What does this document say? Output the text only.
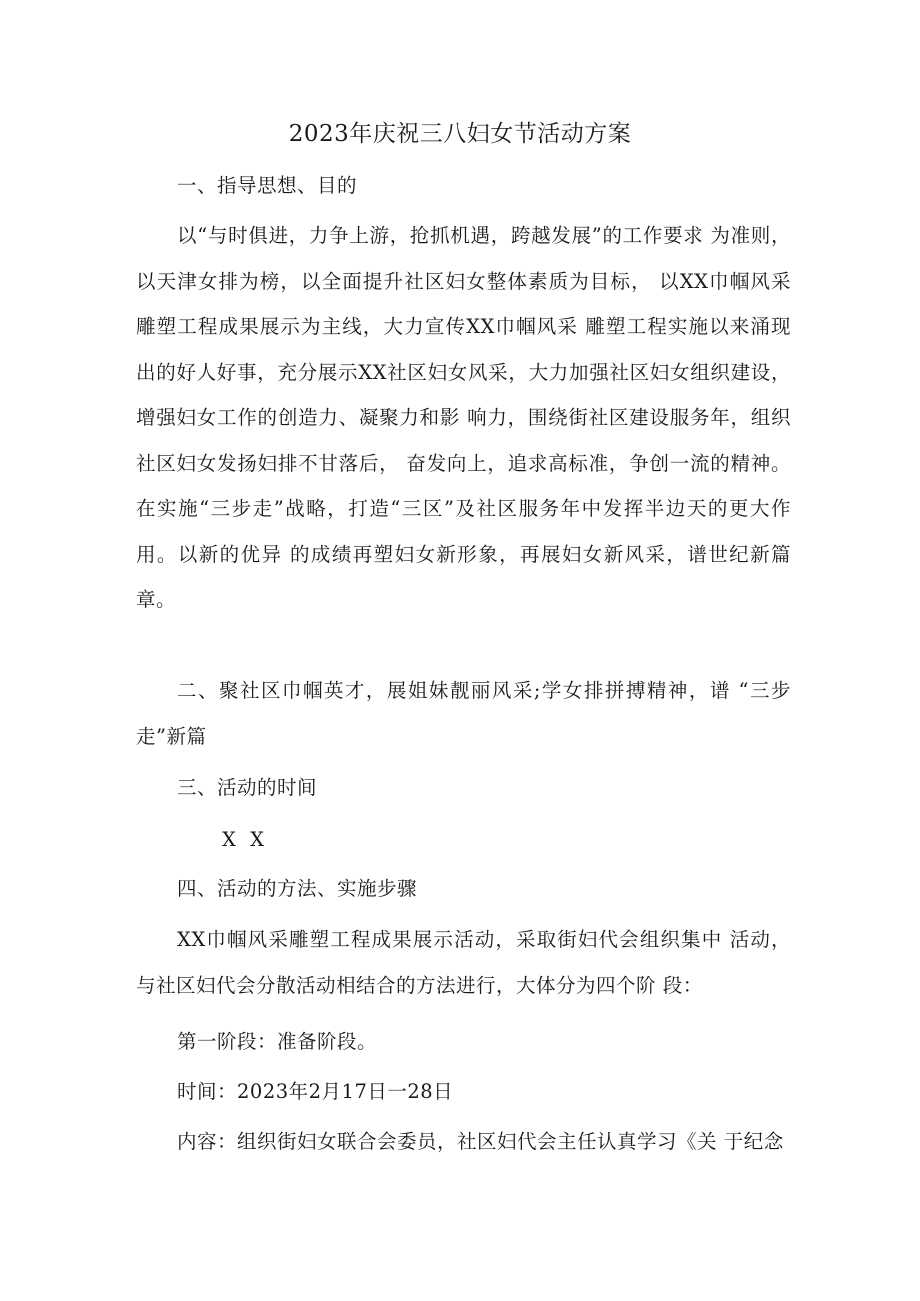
2023年庆祝三八妇女节活动方案
一、指导思想、目的

以“与时俱进，力争上游，抢抓机遇，跨越发展”的工作要求 为准则，以天津女排为榜，以全面提升社区妇女整体素质为目标， 以XX巾帼风采雕塑工程成果展示为主线，大力宣传XX巾帼风采 雕塑工程实施以来涌现出的好人好事，充分展示XX社区妇女风采，大力加强社区妇女组织建设，增强妇女工作的创造力、凝聚力和影 响力，围绕街社区建设服务年，组织社区妇女发扬妇排不甘落后， 奋发向上，追求高标准，争创一流的精神。在实施“三步走”战略，打造“三区”及社区服务年中发挥半边天的更大作用。以新的优异 的成绩再塑妇女新形象，再展妇女新风采，谱世纪新篇章。

二、聚社区巾帼英才，展姐妹靓丽风采;学女排拼搏精神，谱 “三步走”新篇

三、活动的时间
X X
四、活动的方法、实施步骤

XX巾帼风采雕塑工程成果展示活动，采取街妇代会组织集中 活动，与社区妇代会分散活动相结合的方法进行，大体分为四个阶 段：

第一阶段：准备阶段。
时间：2023年2月17日一28日
内容：组织街妇女联合会委员，社区妇代会主任认真学习《关 于纪念
